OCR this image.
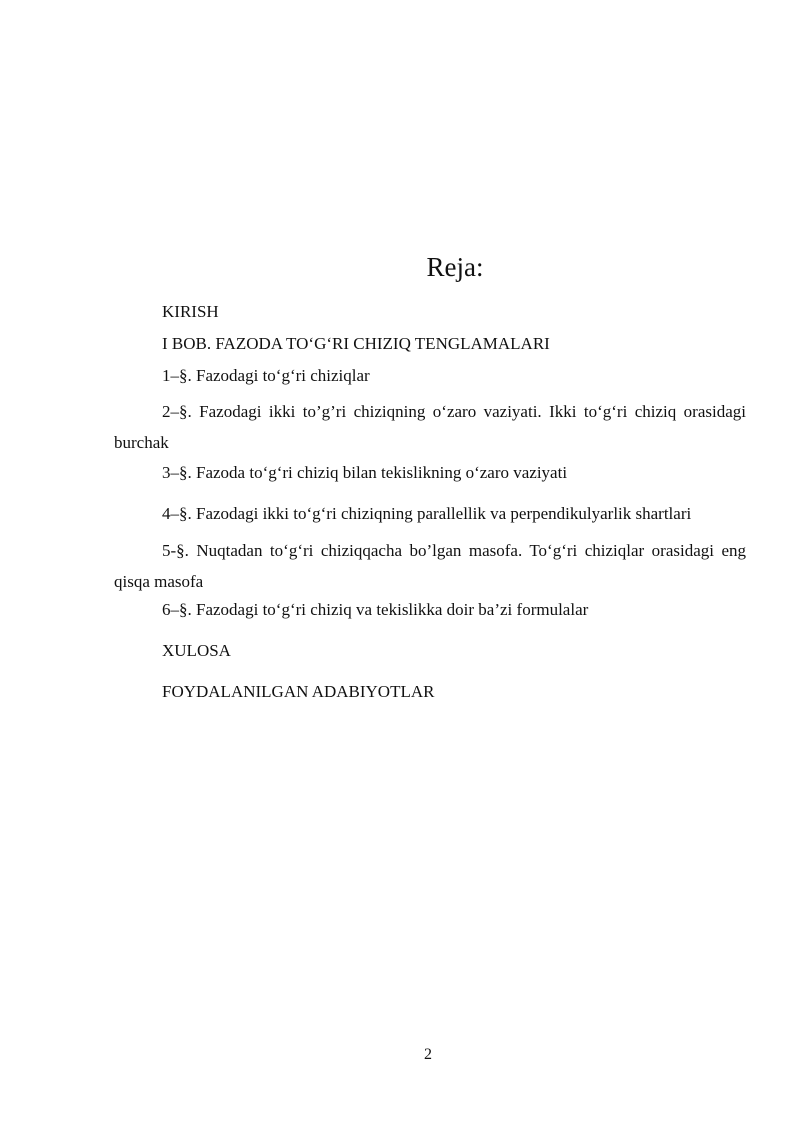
Reja:
KIRISH
I BOB. FAZODA TO‘G‘RI CHIZIQ TENGLAMALARI
1–§. Fazodagi to‘g‘ri chiziqlar
2–§. Fazodagi ikki to’g’ri chiziqning o‘zaro vaziyati. Ikki to‘g‘ri chiziq orasidagi burchak
3–§. Fazoda to‘g‘ri chiziq bilan tekislikning o‘zaro vaziyati
4–§. Fazodagi ikki to‘g‘ri chiziqning parallellik va perpendikulyarlik shartlari
5-§. Nuqtadan to‘g‘ri chiziqqacha bo’lgan masofa. To‘g‘ri chiziqlar orasidagi eng qisqa masofa
6–§. Fazodagi to‘g‘ri chiziq va tekislikka doir ba’zi formulalar
XULOSA
FOYDALANILGAN ADABIYOTLAR
2
